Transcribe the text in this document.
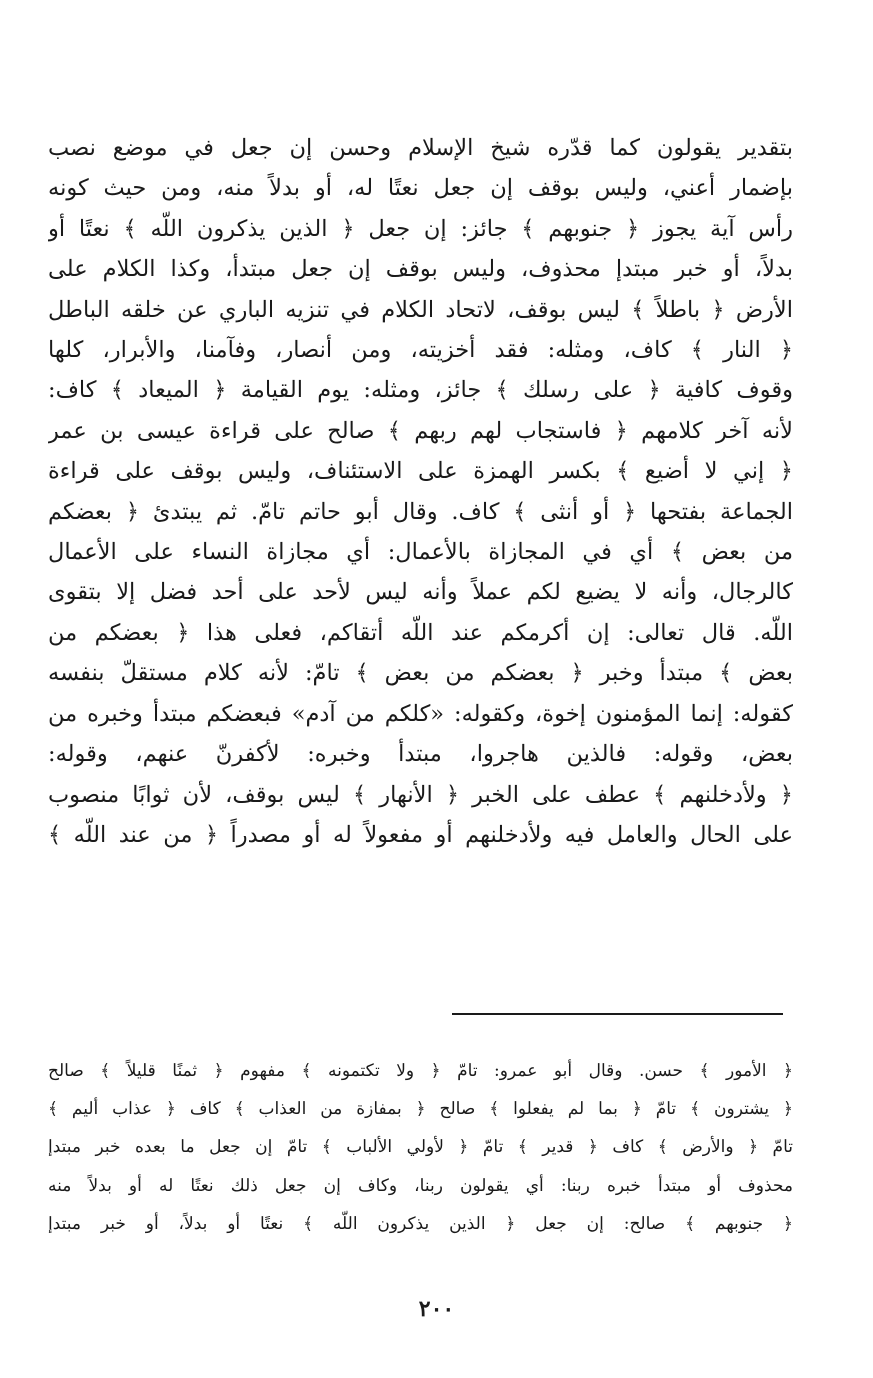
بتقدير يقولون كما قدّره شيخ الإسلام وحسن إن جعل في موضع نصب
بإضمار أعني، وليس بوقف إن جعل نعتًا له، أو بدلاً منه، ومن حيث كونه
رأس آية يجوز ﴿ جنوبهم ﴾ جائز: إن جعل ﴿ الذين يذكرون اللّه ﴾ نعتًا أو
بدلاً، أو خبر مبتدإ محذوف، وليس بوقف إن جعل مبتدأ، وكذا الكلام على
الأرض ﴿ باطلاً ﴾ ليس بوقف، لاتحاد الكلام في تنزيه الباري عن خلقه الباطل
﴿ النار ﴾ كاف، ومثله: فقد أخزيته، ومن أنصار، وفآمنا، والأبرار، كلها
وقوف كافية ﴿ على رسلك ﴾ جائز، ومثله: يوم القيامة ﴿ الميعاد ﴾ كاف:
لأنه آخر كلامهم ﴿ فاستجاب لهم ربهم ﴾ صالح على قراءة عيسى بن عمر
﴿ إني لا أضيع ﴾ بكسر الهمزة على الاستئناف، وليس بوقف على قراءة
الجماعة بفتحها ﴿ أو أنثى ﴾ كاف. وقال أبو حاتم تامّ. ثم يبتدئ ﴿ بعضكم
من بعض ﴾ أي في المجازاة بالأعمال: أي مجازاة النساء على الأعمال
كالرجال، وأنه لا يضيع لكم عملاً وأنه ليس لأحد على أحد فضل إلا بتقوى
اللّه. قال تعالى: إن أكرمكم عند اللّه أتقاكم، فعلى هذا ﴿ بعضكم من
بعض ﴾ مبتدأ وخبر ﴿ بعضكم من بعض ﴾ تامّ: لأنه كلام مستقلّ بنفسه
كقوله: إنما المؤمنون إخوة، وكقوله: «كلكم من آدم» فبعضكم مبتدأ وخبره من
بعض، وقوله: فالذين هاجروا، مبتدأ وخبره: لأكفرنّ عنهم، وقوله:
﴿ ولأدخلنهم ﴾ عطف على الخبر ﴿ الأنهار ﴾ ليس بوقف، لأن ثوابًا منصوب
على الحال والعامل فيه ولأدخلنهم أو مفعولاً له أو مصدراً ﴿ من عند اللّه ﴾
﴿ الأمور ﴾ حسن. وقال أبو عمرو: تامّ ﴿ ولا تكتمونه ﴾ مفهوم ﴿ ثمنًا قليلاً ﴾ صالح
﴿ يشترون ﴾ تامّ ﴿ بما لم يفعلوا ﴾ صالح ﴿ بمفازة من العذاب ﴾ كاف ﴿ عذاب أليم ﴾
تامّ ﴿ والأرض ﴾ كاف ﴿ قدير ﴾ تامّ ﴿ لأولي الألباب ﴾ تامّ إن جعل ما بعده خبر مبتدإ
محذوف أو مبتدأ خبره ربنا: أي يقولون ربنا، وكاف إن جعل ذلك نعتًا له أو بدلاً منه
﴿ جنوبهم ﴾ صالح: إن جعل ﴿ الذين يذكرون اللّه ﴾ نعتًا أو بدلاً، أو خبر مبتدإ
٢٠٠
